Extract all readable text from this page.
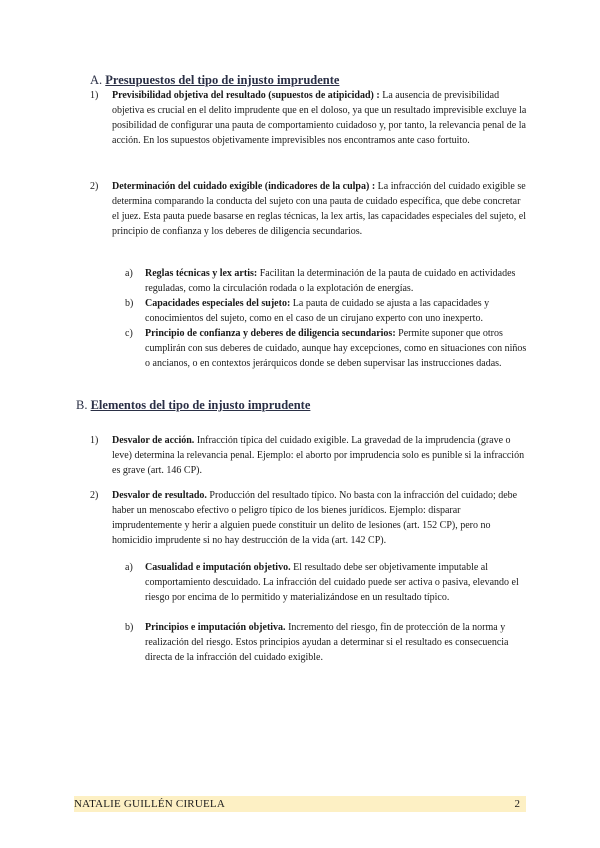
A. Presupuestos del tipo de injusto imprudente
1)	Previsibilidad objetiva del resultado (supuestos de atipicidad) : La ausencia de previsibilidad objetiva es crucial en el delito imprudente que en el doloso, ya que un resultado imprevisible excluye la posibilidad de configurar una pauta de comportamiento cuidadoso y, por tanto, la relevancia penal de la acción. En los supuestos objetivamente imprevisibles nos encontramos ante caso fortuito.
2)	Determinación del cuidado exigible (indicadores de la culpa) : La infracción del cuidado exigible se determina comparando la conducta del sujeto con una pauta de cuidado específica, que debe concretar el juez. Esta pauta puede basarse en reglas técnicas, la lex artis, las capacidades especiales del sujeto, el principio de confianza y los deberes de diligencia secundarios.
a)	Reglas técnicas y lex artis: Facilitan la determinación de la pauta de cuidado en actividades reguladas, como la circulación rodada o la explotación de energías.
b)	Capacidades especiales del sujeto: La pauta de cuidado se ajusta a las capacidades y conocimientos del sujeto, como en el caso de un cirujano experto con uno inexperto.
c)	Principio de confianza y deberes de diligencia secundarios: Permite suponer que otros cumplirán con sus deberes de cuidado, aunque hay excepciones, como en situaciones con niños o ancianos, o en contextos jerárquicos donde se deben supervisar las instrucciones dadas.
B. Elementos del tipo de injusto imprudente
1)	Desvalor de acción. Infracción típica del cuidado exigible. La gravedad de la imprudencia (grave o leve) determina la relevancia penal. Ejemplo: el aborto por imprudencia solo es punible si la infracción es grave (art. 146 CP).
2)	Desvalor de resultado. Producción del resultado típico. No basta con la infracción del cuidado; debe haber un menoscabo efectivo o peligro típico de los bienes jurídicos. Ejemplo: disparar imprudentemente y herir a alguien puede constituir un delito de lesiones (art. 152 CP), pero no homicidio imprudente si no hay destrucción de la vida (art. 142 CP).
a)	Casualidad e imputación objetivo. El resultado debe ser objetivamente imputable al comportamiento descuidado. La infracción del cuidado puede ser activa o pasiva, elevando el riesgo por encima de lo permitido y materializándose en un resultado típico.
b)	Principios e imputación objetiva. Incremento del riesgo, fin de protección de la norma y realización del riesgo. Estos principios ayudan a determinar si el resultado es consecuencia directa de la infracción del cuidado exigible.
NATALIE GUILLÉN CIRUELA	2
